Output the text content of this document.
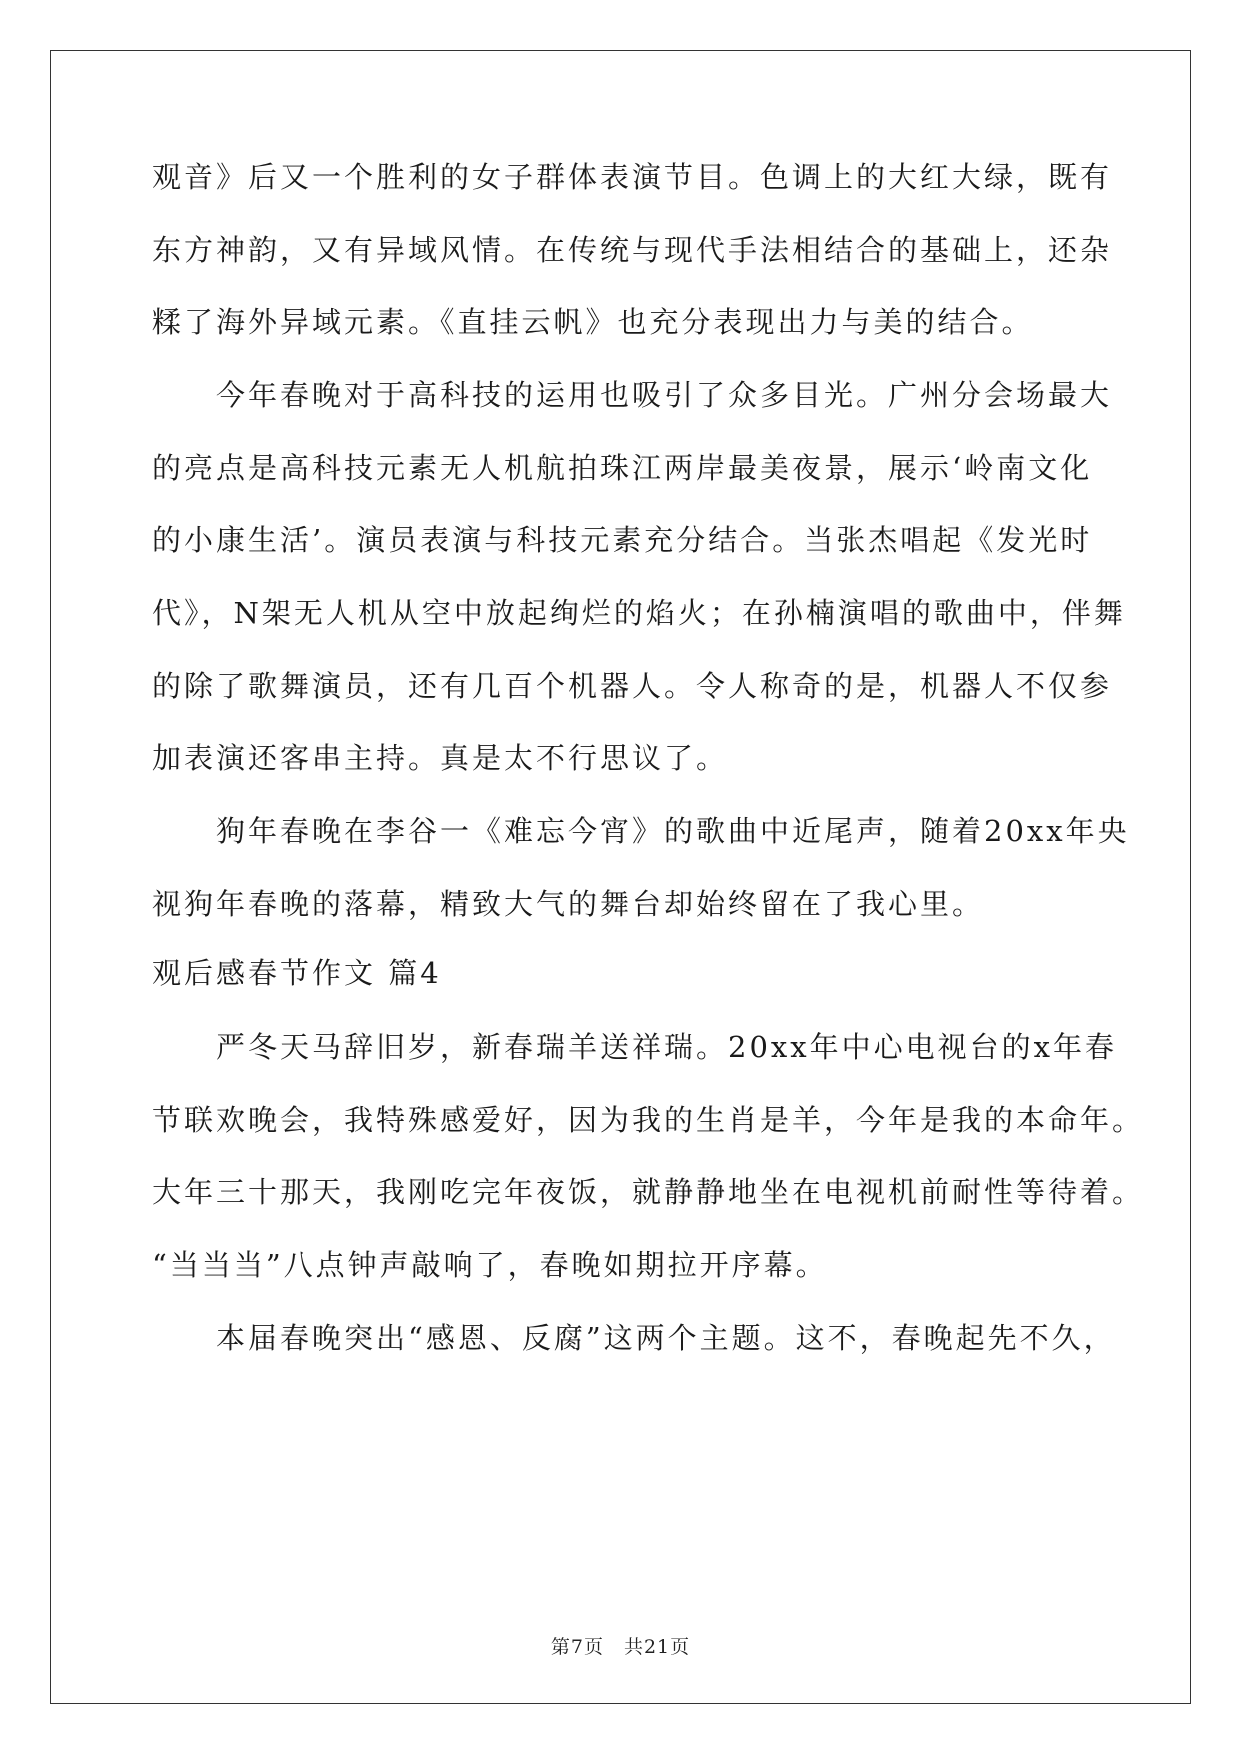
观音》后又一个胜利的女子群体表演节目。色调上的大红大绿，既有
东方神韵，又有异域风情。在传统与现代手法相结合的基础上，还杂
糅了海外异域元素。《直挂云帆》也充分表现出力与美的结合。
　　今年春晚对于高科技的运用也吸引了众多目光。广州分会场最大
的亮点是高科技元素无人机航拍珠江两岸最美夜景，展示‘岭南文化
的小康生活’。演员表演与科技元素充分结合。当张杰唱起《发光时
代》，N架无人机从空中放起绚烂的焰火；在孙楠演唱的歌曲中，伴舞
的除了歌舞演员，还有几百个机器人。令人称奇的是，机器人不仅参
加表演还客串主持。真是太不行思议了。
　　狗年春晚在李谷一《难忘今宵》的歌曲中近尾声，随着20xx年央
视狗年春晚的落幕，精致大气的舞台却始终留在了我心里。
观后感春节作文 篇4
　　严冬天马辞旧岁，新春瑞羊送祥瑞。20xx年中心电视台的x年春
节联欢晚会，我特殊感爱好，因为我的生肖是羊，今年是我的本命年。
大年三十那天，我刚吃完年夜饭，就静静地坐在电视机前耐性等待着。
“当当当”八点钟声敲响了，春晚如期拉开序幕。
　　本届春晚突出“感恩、反腐”这两个主题。这不，春晚起先不久，
第7页　共21页
